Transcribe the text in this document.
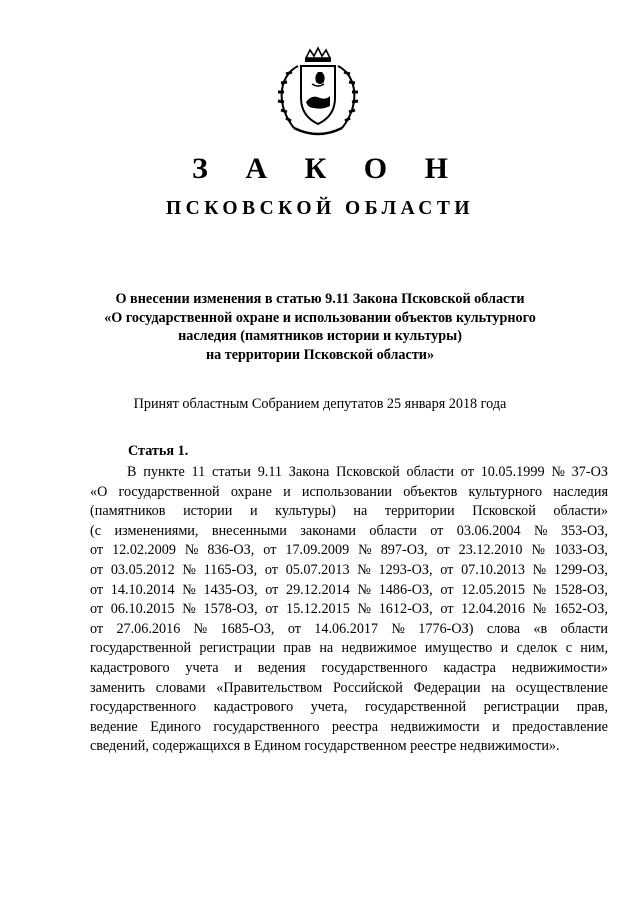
З А К О Н
ПСКОВСКОЙ ОБЛАСТИ
О внесении изменения в статью 9.11 Закона Псковской области
«О государственной охране и использовании объектов культурного
наследия (памятников истории и культуры)
на территории Псковской области»
Принят областным Собранием депутатов 25 января 2018 года
Статья 1.
В пункте 11 статьи 9.11 Закона Псковской области от 10.05.1999 № 37-ОЗ
«О государственной охране и использовании объектов культурного наследия
(памятников истории и культуры) на территории Псковской области»
(с изменениями, внесенными законами области от 03.06.2004 № 353-ОЗ,
от 12.02.2009 № 836-ОЗ, от 17.09.2009 № 897-ОЗ, от 23.12.2010 № 1033-ОЗ,
от 03.05.2012 № 1165-ОЗ, от 05.07.2013 № 1293-ОЗ, от 07.10.2013 № 1299-ОЗ,
от 14.10.2014 № 1435-ОЗ, от 29.12.2014 № 1486-ОЗ, от 12.05.2015 № 1528-ОЗ,
от 06.10.2015 № 1578-ОЗ, от 15.12.2015 № 1612-ОЗ, от 12.04.2016 № 1652-ОЗ,
от 27.06.2016 № 1685-ОЗ, от 14.06.2017 № 1776-ОЗ) слова «в области
государственной регистрации прав на недвижимое имущество и сделок с ним,
кадастрового учета и ведения государственного кадастра недвижимости»
заменить словами «Правительством Российской Федерации на осуществление
государственного кадастрового учета, государственной регистрации прав,
ведение Единого государственного реестра недвижимости и предоставление
сведений, содержащихся в Едином государственном реестре недвижимости».
